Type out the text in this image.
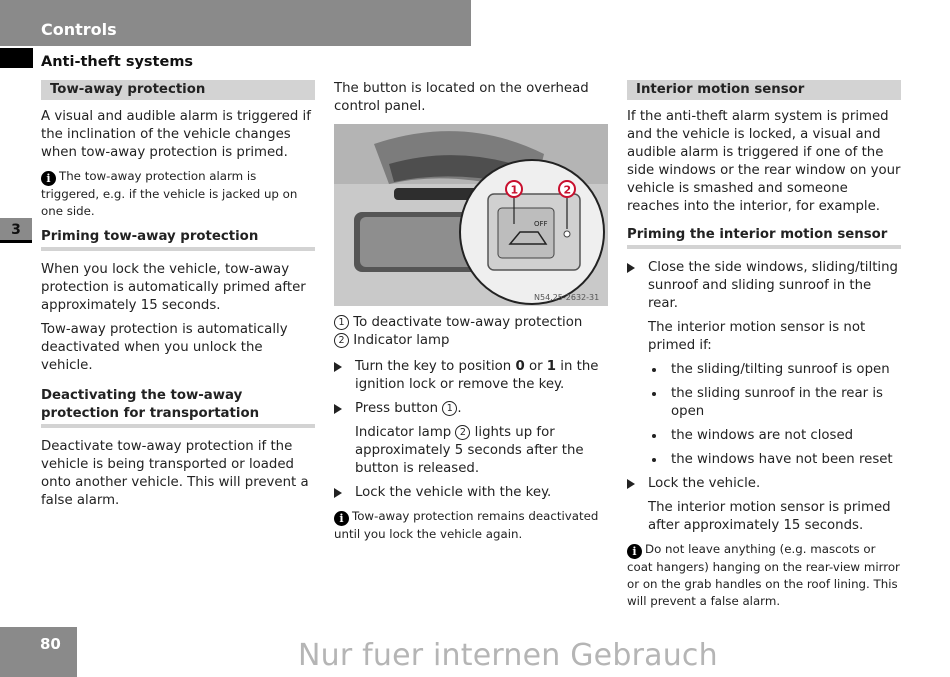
Controls
Anti-theft systems
3
Tow-away protection

A visual and audible alarm is triggered if the inclination of the vehicle changes when tow-away protection is primed.

i The tow-away protection alarm is triggered, e.g. if the vehicle is jacked up on one side.
Priming tow-away protection

When you lock the vehicle, tow-away protection is automatically primed after approximately 15 seconds.

Tow-away protection is automatically deactivated when you unlock the vehicle.

Deactivating the tow-away protection for transportation

Deactivate tow-away protection if the vehicle is being transported or loaded onto another vehicle. This will prevent a false alarm.

The button is located on the overhead control panel.

OFF
1	2
N54.25-2632-31
1 To deactivate tow-away protection
2 Indicator lamp
Turn the key to position 0 or 1 in the ignition lock or remove the key.
Press button 1 .
Indicator lamp 2 lights up for approximately 5 seconds after the button is released.
Lock the vehicle with the key.
i Tow-away protection remains deactivated until you lock the vehicle again.
Interior motion sensor

If the anti-theft alarm system is primed and the vehicle is locked, a visual and audible alarm is triggered if one of the side windows or the rear window on your vehicle is smashed and someone reaches into the interior, for example.

Priming the interior motion sensor
Close the side windows, sliding/tilting sunroof and sliding sunroof in the rear.
The interior motion sensor is not primed if:
the sliding/tilting sunroof is open
the sliding sunroof in the rear is open
the windows are not closed
the windows have not been reset
Lock the vehicle.
The interior motion sensor is primed after approximately 15 seconds.
i Do not leave anything (e.g. mascots or coat hangers) hanging on the rear-view mirror or on the grab handles on the roof lining. This will prevent a false alarm.
80	Nur fuer internen Gebrauch
